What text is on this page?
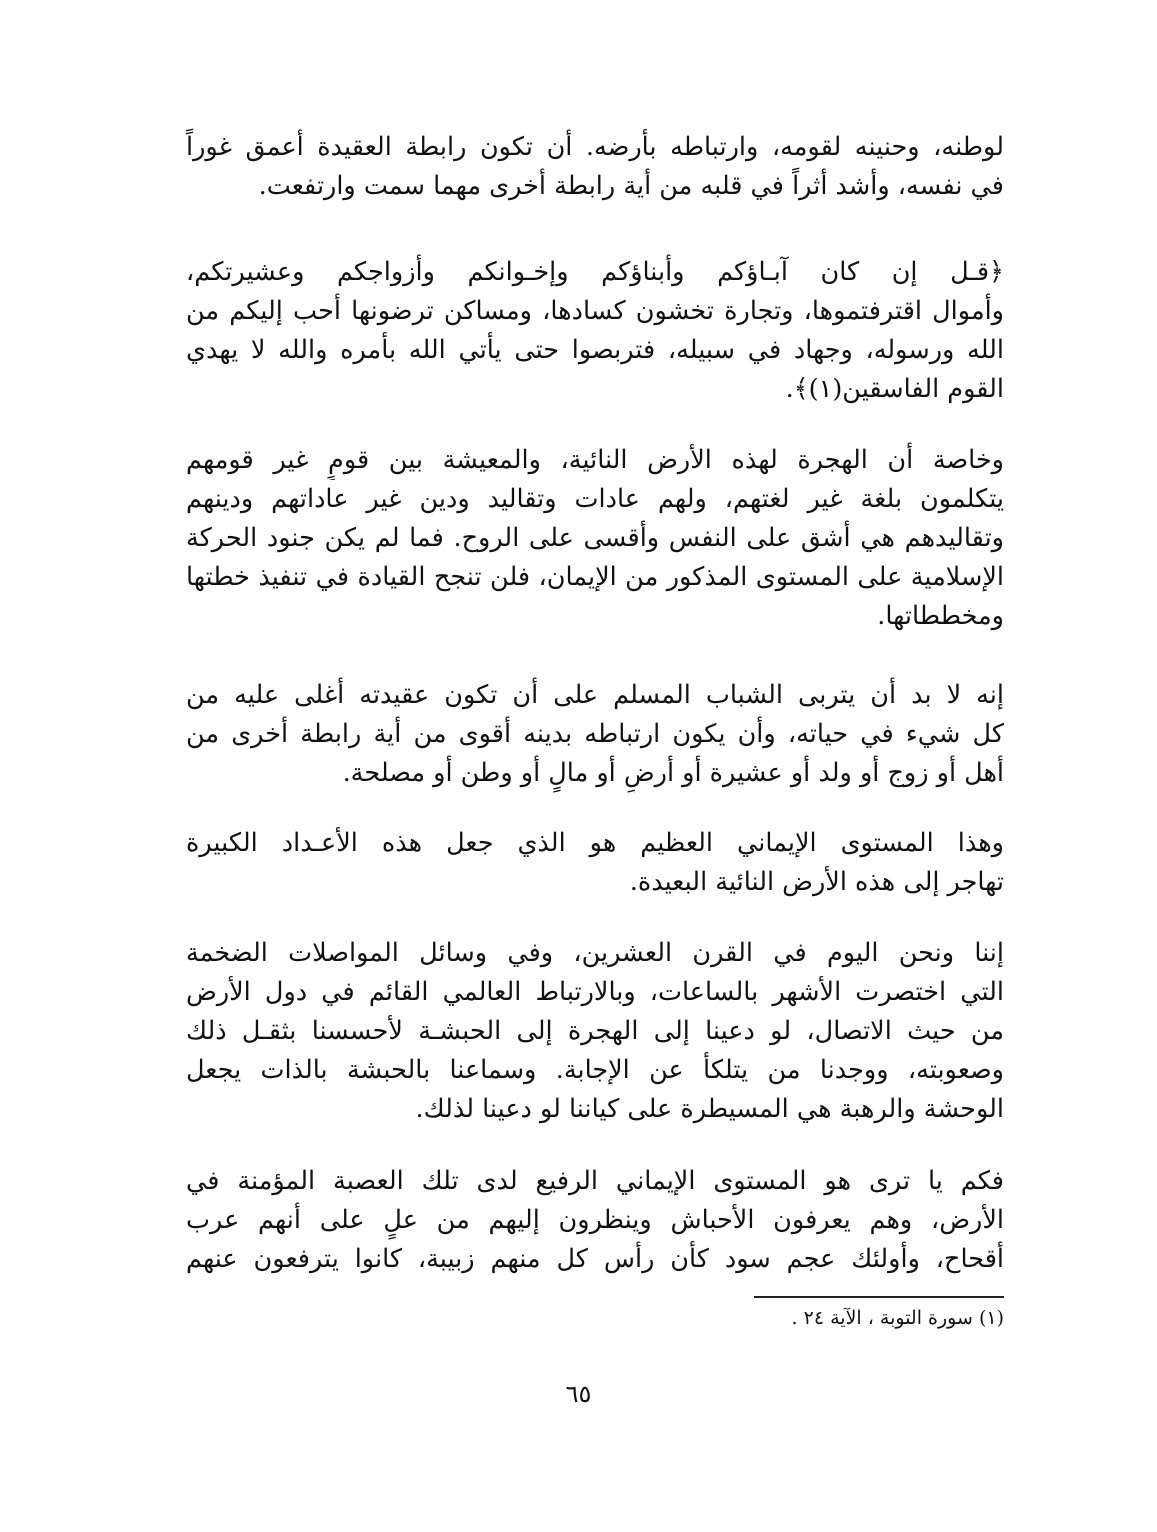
لوطنه، وحنينه لقومه، وارتباطه بأرضه. أن تكون رابطة العقيدة أعمق غوراً
في نفسه، وأشد أثراً في قلبه من أية رابطة أخرى مهما سمت وارتفعت.

﴿قـل إن كان آبـاؤكم وأبناؤكم وإخـوانكم وأزواجكم وعشيرتكم،
وأموال اقترفتموها، وتجارة تخشون كسادها، ومساكن ترضونها أحب إليكم من
الله ورسوله، وجهاد في سبيله، فتربصوا حتى يأتي الله بأمره والله لا يهدي
القوم الفاسقين(١)﴾.

وخاصة أن الهجرة لهذه الأرض النائية، والمعيشة بين قومٍ غير قومهم
يتكلمون بلغة غير لغتهم، ولهم عادات وتقاليد ودين غير عاداتهم ودينهم
وتقاليدهم هي أشق على النفس وأقسى على الروح. فما لم يكن جنود الحركة
الإسلامية على المستوى المذكور من الإيمان، فلن تنجح القيادة في تنفيذ خطتها
ومخططاتها.

إنه لا بد أن يتربى الشباب المسلم على أن تكون عقيدته أغلى عليه من
كل شيء في حياته، وأن يكون ارتباطه بدينه أقوى من أية رابطة أخرى من
أهل أو زوج أو ولد أو عشيرة أو أرضٍ أو مالٍ أو وطن أو مصلحة.

وهذا المستوى الإيماني العظيم هو الذي جعل هذه الأعـداد الكبيرة
تهاجر إلى هذه الأرض النائية البعيدة.

إننا ونحن اليوم في القرن العشرين، وفي وسائل المواصلات الضخمة
التي اختصرت الأشهر بالساعات، وبالارتباط العالمي القائم في دول الأرض
من حيث الاتصال، لو دعينا إلى الهجرة إلى الحبشـة لأحسسنا بثقـل ذلك
وصعوبته، ووجدنا من يتلكأ عن الإجابة. وسماعنا بالحبشة بالذات يجعل
الوحشة والرهبة هي المسيطرة على كياننا لو دعينا لذلك.

فكم يا ترى هو المستوى الإيماني الرفيع لدى تلك العصبة المؤمنة في
الأرض، وهم يعرفون الأحباش وينظرون إليهم من علٍ على أنهم عرب
أقحاح، وأولئك عجم سود كأن رأس كل منهم زبيبة، كانوا يترفعون عنهم

(١) سورة التوبة ، الآية ٢٤ .
٦٥
